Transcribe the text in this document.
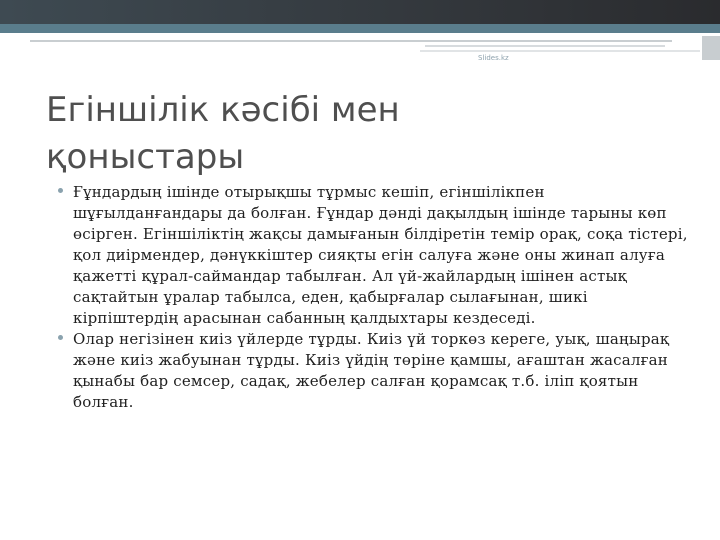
Slides.kz
Егіншілік кәсібі мен қоныстары
Ғұндардың ішінде отырықшы тұрмыс кешіп, егіншілікпен шұғылданғандары да болған. Ғұндар дәнді дақылдың ішінде тарыны көп өсірген. Егіншіліктің жақсы дамығанын білдіретін темір орақ, соқа тістері, қол диірмендер, дәнүккіштер сияқты егін салуға және оны жинап алуға қажетті құрал-саймандар табылған. Ал үй-жайлардың ішінен астық сақтайтын ұралар табылса, еден, қабырғалар сылағынан, шикі кірпіштердің арасынан сабанның қалдыхтары кездеседі.
Олар негізінен киіз үйлерде тұрды. Киіз үй торкөз кереге, уық, шаңырақ және киіз жабуынан тұрды. Киіз үйдің төріне қамшы, ағаштан жасалған қынабы бар семсер, садақ, жебелер салған қорамсақ т.б. іліп қоятын болған.
